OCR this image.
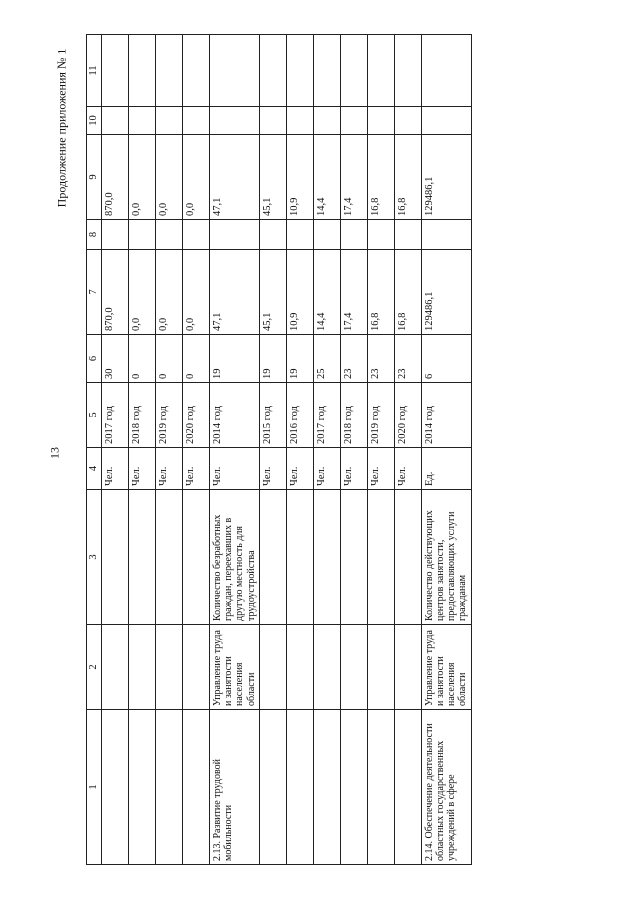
13
Продолжение приложения № 1
1	2	3	4	5	6	7	8	9	10	11
			Чел.	2017 год	30	870,0		870,0		
			Чел.	2018 год	0	0,0		0,0		
			Чел.	2019 год	0	0,0		0,0		
			Чел.	2020 год	0	0,0		0,0		
2.13. Развитие трудовой мобильности	Управление труда и занятости населения области	Количество безработных граждан, переехавших в другую местность для трудоустройства	Чел.	2014 год	19	47,1		47,1		
			Чел.	2015 год	19	45,1		45,1		
			Чел.	2016 год	19	10,9		10,9		
			Чел.	2017 год	25	14,4		14,4		
			Чел.	2018 год	23	17,4		17,4		
			Чел.	2019 год	23	16,8		16,8		
			Чел.	2020 год	23	16,8		16,8		
2.14. Обеспечение деятельности областных государственных учреждений в сфере	Управление труда и занятости населения области	Количество действующих центров занятости, предоставляющих услуги гражданам	Ед.	2014 год	6	129486,1		129486,1		
